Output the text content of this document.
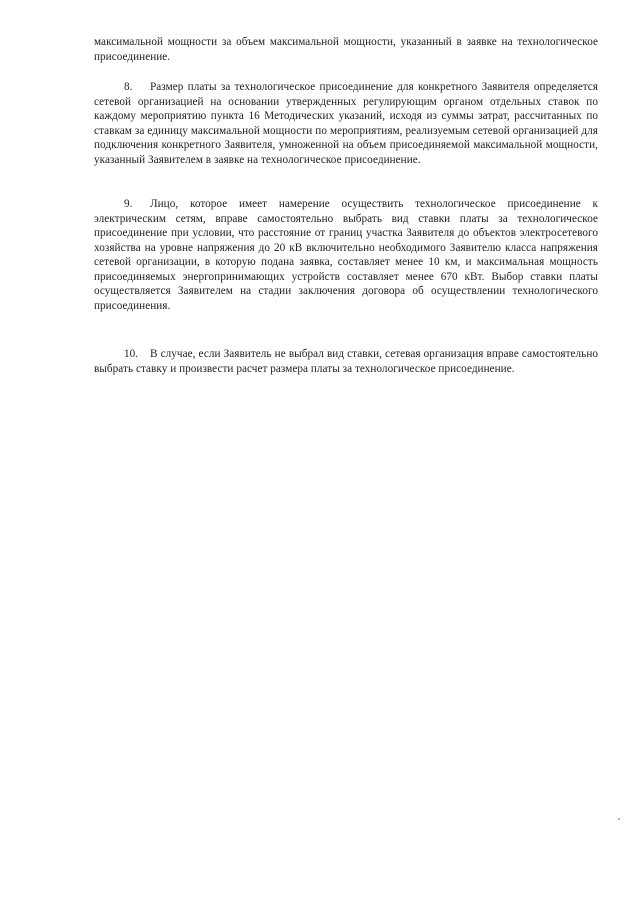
максимальной мощности за объем максимальной мощности, указанный в заявке на технологическое присоединение.

8. Размер платы за технологическое присоединение для конкретного Заявителя определяется сетевой организацией на основании утвержденных регулирующим органом отдельных ставок по каждому мероприятию пункта 16 Методических указаний, исходя из суммы затрат, рассчитанных по ставкам за единицу максимальной мощности по мероприятиям, реализуемым сетевой организацией для подключения конкретного Заявителя, умноженной на объем присоединяемой максимальной мощности, указанный Заявителем в заявке на технологическое присоединение.

9. Лицо, которое имеет намерение осуществить технологическое присоединение к электрическим сетям, вправе самостоятельно выбрать вид ставки платы за технологическое присоединение при условии, что расстояние от границ участка Заявителя до объектов электросетевого хозяйства на уровне напряжения до 20 кВ включительно необходимого Заявителю класса напряжения сетевой организации, в которую подана заявка, составляет менее 10 км, и максимальная мощность присоединяемых энергопринимающих устройств составляет менее 670 кВт. Выбор ставки платы осуществляется Заявителем на стадии заключения договора об осуществлении технологического присоединения.

10. В случае, если Заявитель не выбрал вид ставки, сетевая организация вправе самостоятельно выбрать ставку и произвести расчет размера платы за технологическое присоединение.
